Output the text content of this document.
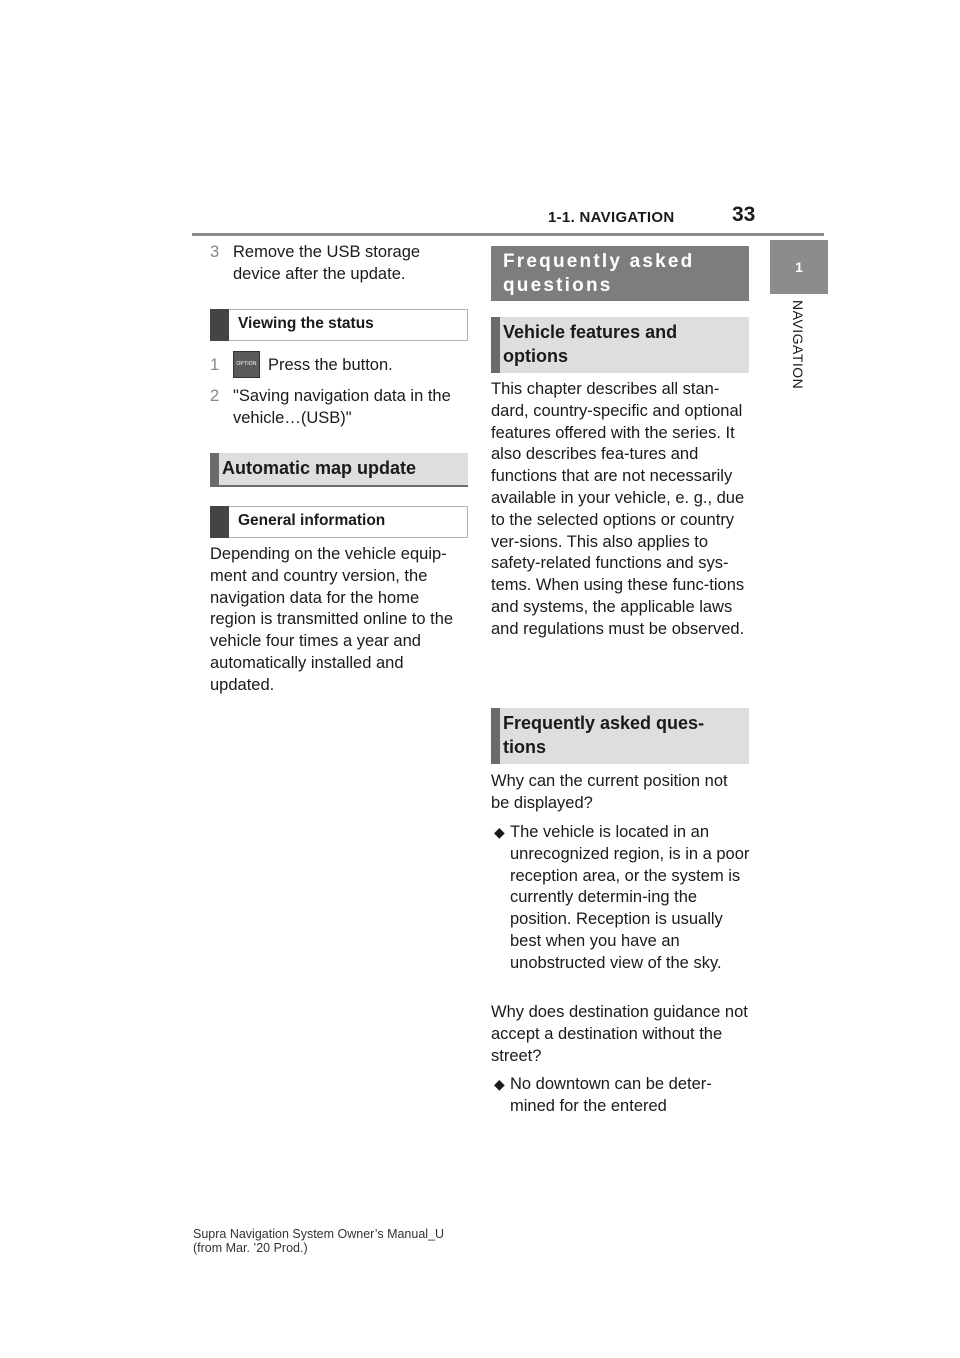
1-1. NAVIGATION	33
1
NAVIGATION
3 Remove the USB storage device after the update.
Viewing the status
1	OPTION Press the button.
2 "Saving navigation data in the vehicle…(USB)"
Automatic map update
General information

Depending on the vehicle equip-ment and country version, the navigation data for the home region is transmitted online to the vehicle four times a year and automatically installed and updated.

Frequently asked questions
Vehicle features and options

This chapter describes all stan-dard, country-specific and optional features offered with the series. It also describes fea-tures and functions that are not necessarily available in your vehicle, e. g., due to the selected options or country ver-sions. This also applies to safety-related functions and sys-tems. When using these func-tions and systems, the applicable laws and regulations must be observed.

Frequently asked ques-tions

Why can the current position not be displayed?

◆ The vehicle is located in an unrecognized region, is in a poor reception area, or the system is currently determin-ing the position. Reception is usually best when you have an unobstructed view of the sky.

Why does destination guidance not accept a destination without the street?

◆ No downtown can be deter-mined for the entered
Supra Navigation System Owner’s Manual_U
(from Mar. ’20 Prod.)
